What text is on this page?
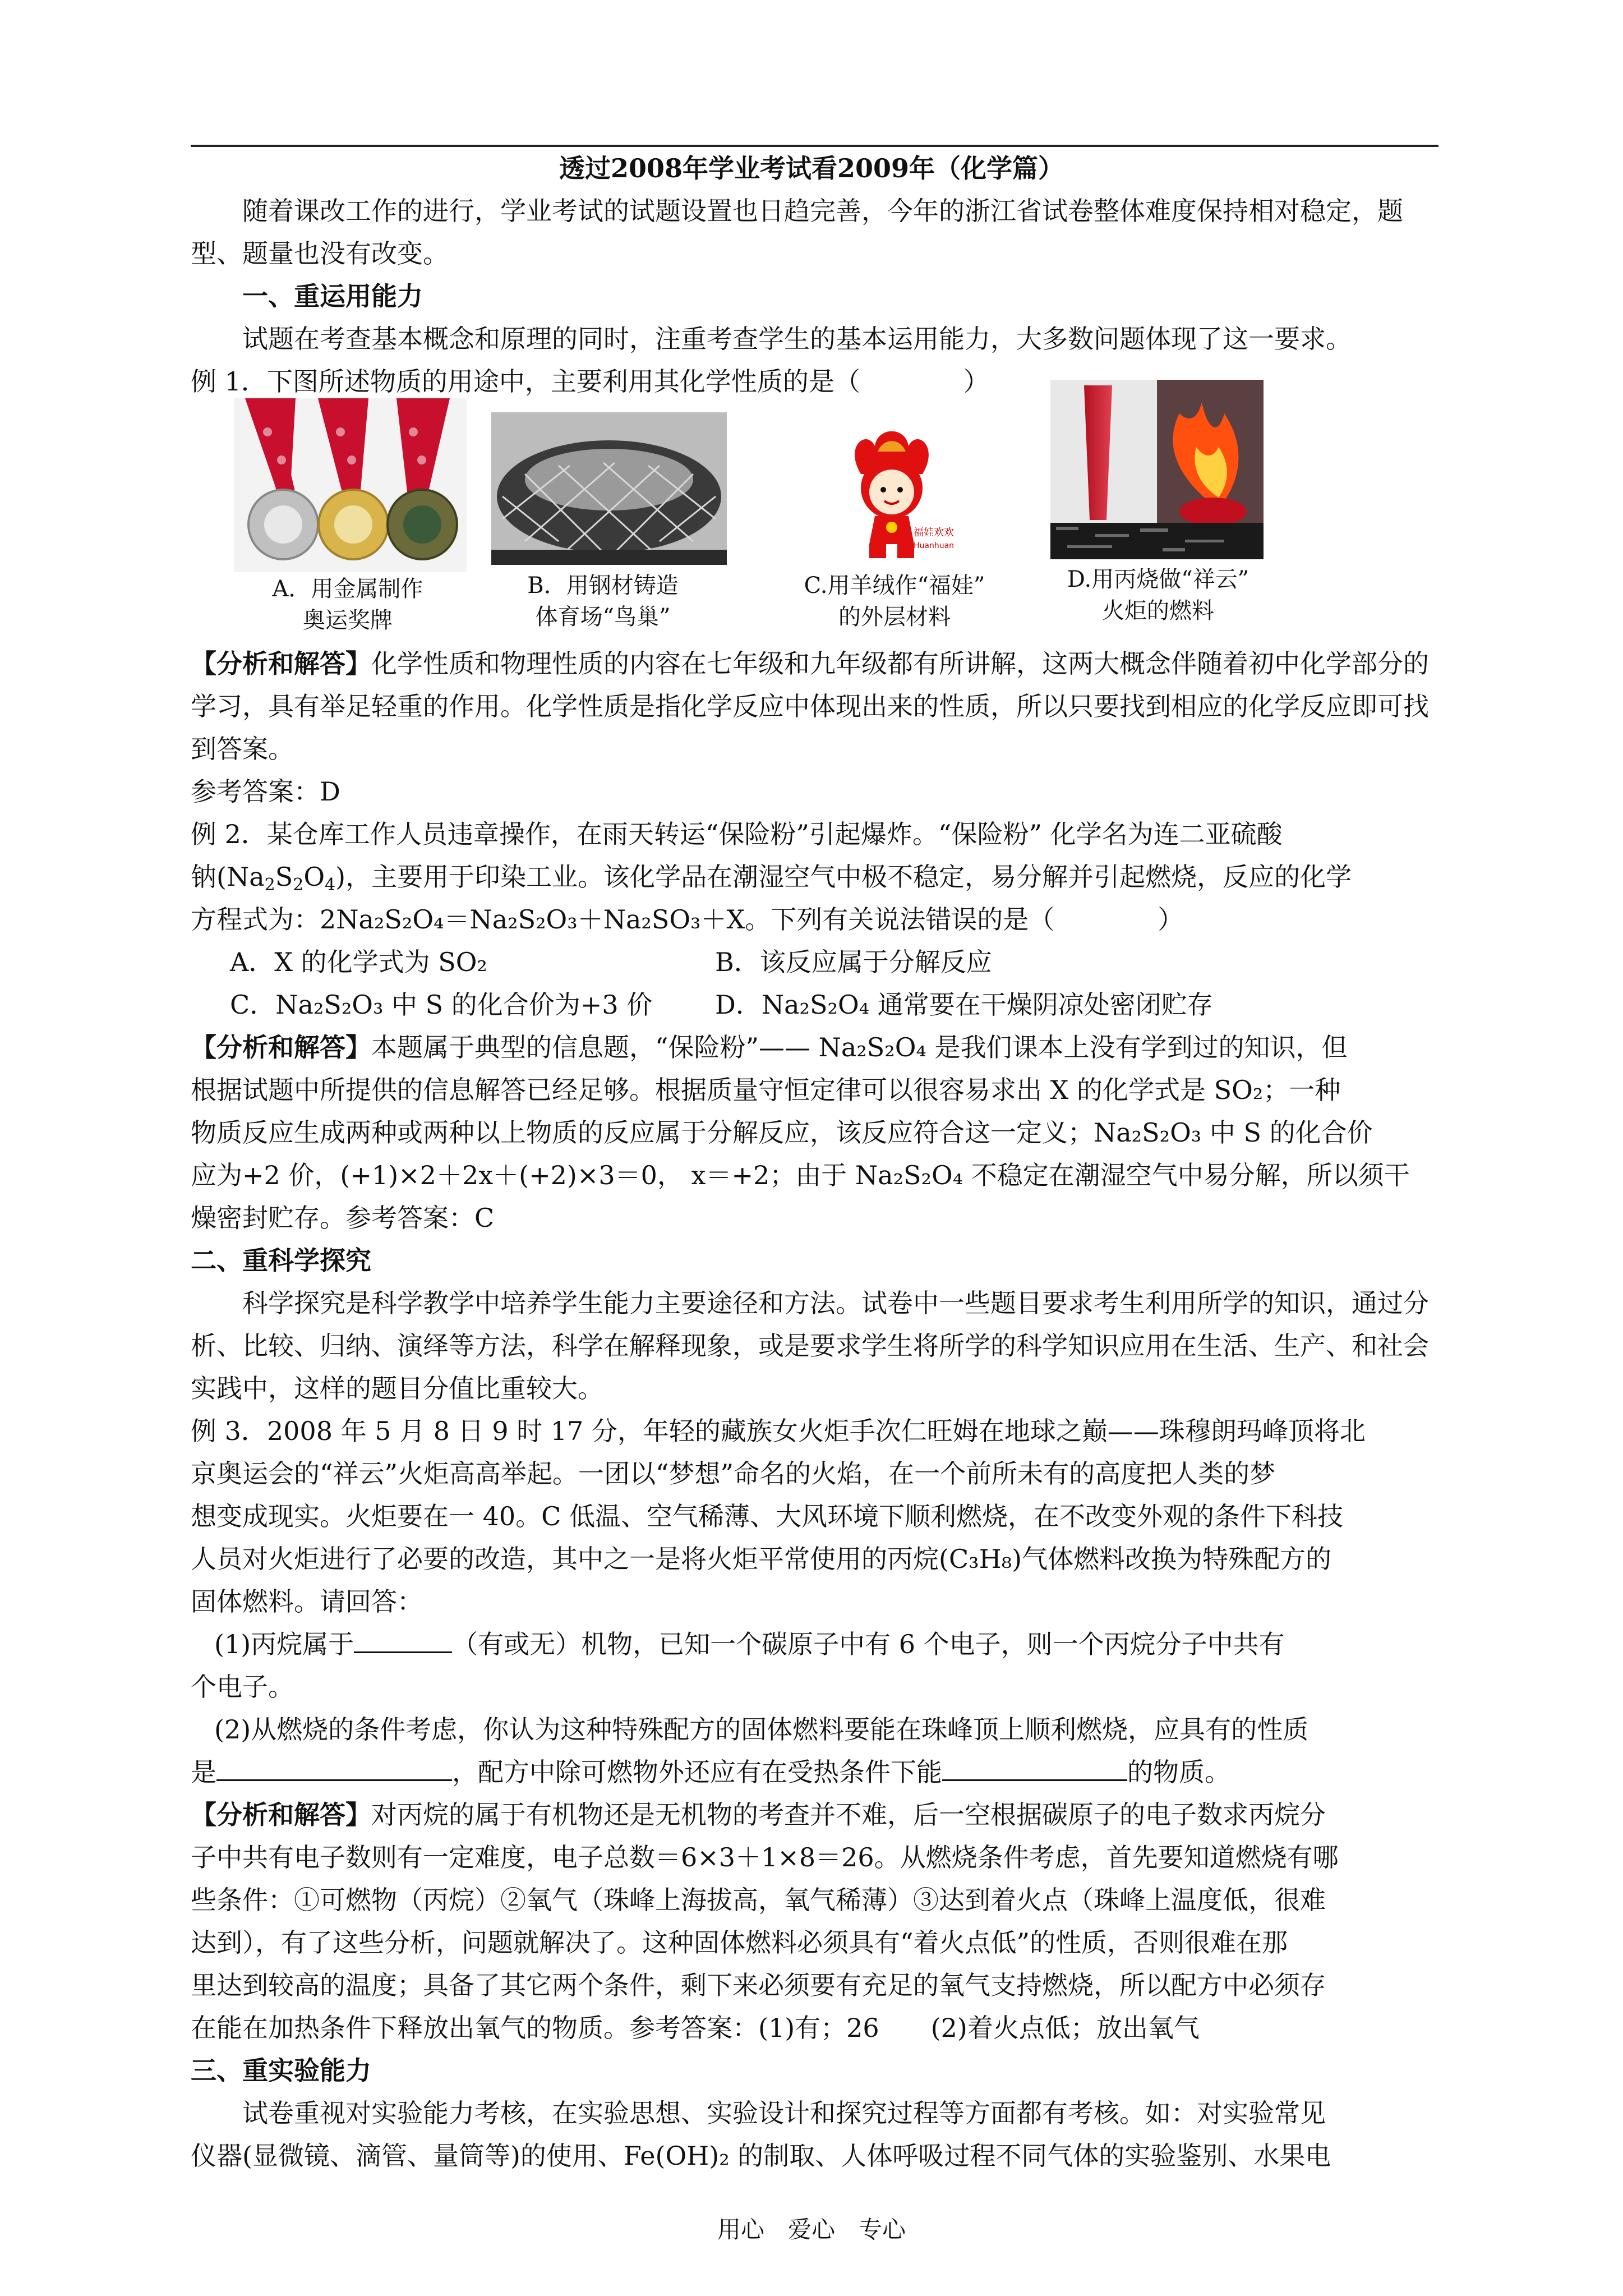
透过2008年学业考试看2009年（化学篇）
随着课改工作的进行，学业考试的试题设置也日趋完善，今年的浙江省试卷整体难度保持相对稳定，题型、题量也没有改变。
一、重运用能力
试题在考查基本概念和原理的同时，注重考查学生的基本运用能力，大多数问题体现了这一要求。
例 1．下图所述物质的用途中，主要利用其化学性质的是（　　　　）
福娃欢欢
Huanhuan
A．用金属制作
奥运奖牌
B．用钢材铸造
体育场“鸟巢”
C.用羊绒作“福娃”
的外层材料
D.用丙烧做“祥云”
火炬的燃料
【分析和解答】化学性质和物理性质的内容在七年级和九年级都有所讲解，这两大概念伴随着初中化学部分的学习，具有举足轻重的作用。化学性质是指化学反应中体现出来的性质，所以只要找到相应的化学反应即可找到答案。
参考答案：D
例 2．某仓库工作人员违章操作，在雨天转运“保险粉”引起爆炸。“保险粉” 化学名为连二亚硫酸
钠$(Na_2S_2O_4)$，主要用于印染工业。该化学品在潮湿空气中极不稳定，易分解并引起燃烧，反应的化学
方程式为：2Na₂S₂O₄＝Na₂S₂O₃＋Na₂SO₃＋X。下列有关说法错误的是（　　　　）
A．X 的化学式为 SO₂	B．该反应属于分解反应
C．Na₂S₂O₃ 中 S 的化合价为+3 价 D．Na₂S₂O₄ 通常要在干燥阴凉处密闭贮存
【分析和解答】本题属于典型的信息题，“保险粉”—— Na₂S₂O₄ 是我们课本上没有学到过的知识，但
根据试题中所提供的信息解答已经足够。根据质量守恒定律可以很容易求出 X 的化学式是 SO₂；一种
物质反应生成两种或两种以上物质的反应属于分解反应，该反应符合这一定义；Na₂S₂O₃ 中 S 的化合价
应为+2 价，(+1)×2＋2x＋(+2)×3＝0， x＝+2；由于 Na₂S₂O₄ 不稳定在潮湿空气中易分解，所以须干
燥密封贮存。参考答案：C
二、重科学探究
科学探究是科学教学中培养学生能力主要途径和方法。试卷中一些题目要求考生利用所学的知识，通过分析、比较、归纳、演绎等方法，科学在解释现象，或是要求学生将所学的科学知识应用在生活、生产、和社会实践中，这样的题目分值比重较大。
例 3．2008 年 5 月 8 日 9 时 17 分，年轻的藏族女火炬手次仁旺姆在地球之巅——珠穆朗玛峰顶将北
京奥运会的“祥云”火炬高高举起。一团以“梦想”命名的火焰，在一个前所未有的高度把人类的梦
想变成现实。火炬要在一 40。C 低温、空气稀薄、大风环境下顺利燃烧，在不改变外观的条件下科技
人员对火炬进行了必要的改造，其中之一是将火炬平常使用的丙烷(C₃H₈)气体燃料改换为特殊配方的
固体燃料。请回答：
(1)丙烷属于	（有或无）机物，已知一个碳原子中有 6 个电子，则一个丙烷分子中共有
个电子。
(2)从燃烧的条件考虑，你认为这种特殊配方的固体燃料要能在珠峰顶上顺利燃烧，应具有的性质
是	，配方中除可燃物外还应有在受热条件下能	的物质。
【分析和解答】对丙烷的属于有机物还是无机物的考查并不难，后一空根据碳原子的电子数求丙烷分
子中共有电子数则有一定难度，电子总数＝6×3＋1×8＝26。从燃烧条件考虑，首先要知道燃烧有哪
些条件：①可燃物（丙烷）②氧气（珠峰上海拔高，氧气稀薄）③达到着火点（珠峰上温度低，很难
达到），有了这些分析，问题就解决了。这种固体燃料必须具有“着火点低”的性质，否则很难在那
里达到较高的温度；具备了其它两个条件，剩下来必须要有充足的氧气支持燃烧，所以配方中必须存
在能在加热条件下释放出氧气的物质。参考答案：(1)有；26　　(2)着火点低；放出氧气
三、重实验能力
试卷重视对实验能力考核，在实验思想、实验设计和探究过程等方面都有考核。如：对实验常见
仪器(显微镜、滴管、量筒等)的使用、Fe(OH)₂ 的制取、人体呼吸过程不同气体的实验鉴别、水果电
用心　爱心　专心
